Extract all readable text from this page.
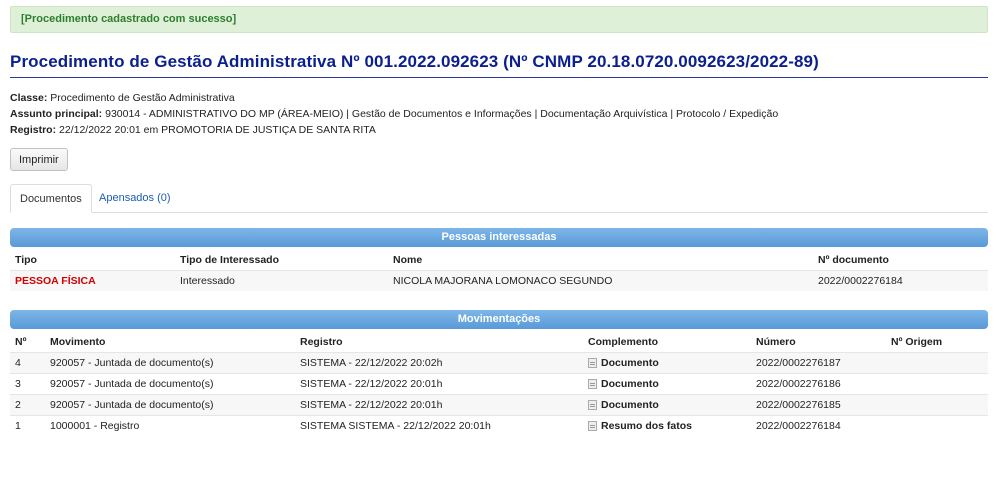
[Procedimento cadastrado com sucesso]
Procedimento de Gestão Administrativa Nº 001.2022.092623 (Nº CNMP 20.18.0720.0092623/2022-89)
Classe: Procedimento de Gestão Administrativa
Assunto principal: 930014 - ADMINISTRATIVO DO MP (ÁREA-MEIO) | Gestão de Documentos e Informações | Documentação Arquivística | Protocolo / Expedição
Registro: 22/12/2022 20:01 em PROMOTORIA DE JUSTIÇA DE SANTA RITA
Imprimir
Documentos	Apensados (0)
Pessoas interessadas
Tipo	Tipo de Interessado	Nome	Nº documento
PESSOA FÍSICA	Interessado	NICOLA MAJORANA LOMONACO SEGUNDO	2022/0002276184
Movimentações
Nº	Movimento	Registro	Complemento	Número	Nº Origem
4	920057 - Juntada de documento(s)	SISTEMA - 22/12/2022 20:02h	Documento	2022/0002276187	
3	920057 - Juntada de documento(s)	SISTEMA - 22/12/2022 20:01h	Documento	2022/0002276186	
2	920057 - Juntada de documento(s)	SISTEMA - 22/12/2022 20:01h	Documento	2022/0002276185	
1	1000001 - Registro	SISTEMA SISTEMA - 22/12/2022 20:01h	Resumo dos fatos	2022/0002276184	
